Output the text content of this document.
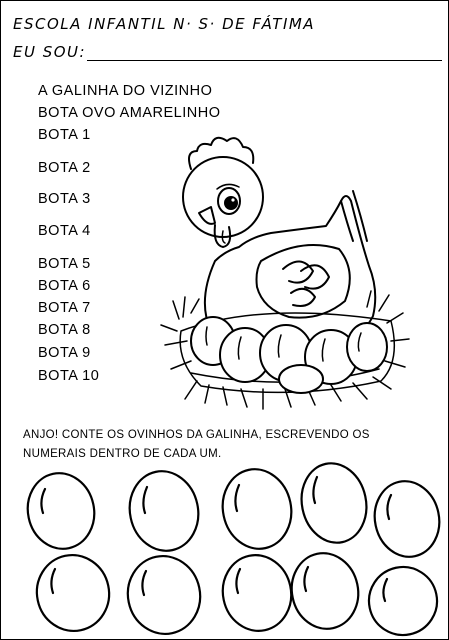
ESCOLA INFANTIL N· S· DE FÁTIMA
EU SOU:
A GALINHA DO VIZINHO
BOTA OVO AMARELINHO
BOTA 1
BOTA 2
BOTA 3
BOTA 4
BOTA 5
BOTA 6
BOTA 7
BOTA 8
BOTA 9
BOTA 10
ANJO! CONTE OS OVINHOS DA GALINHA, ESCREVENDO OS
NUMERAIS DENTRO DE CADA UM.
